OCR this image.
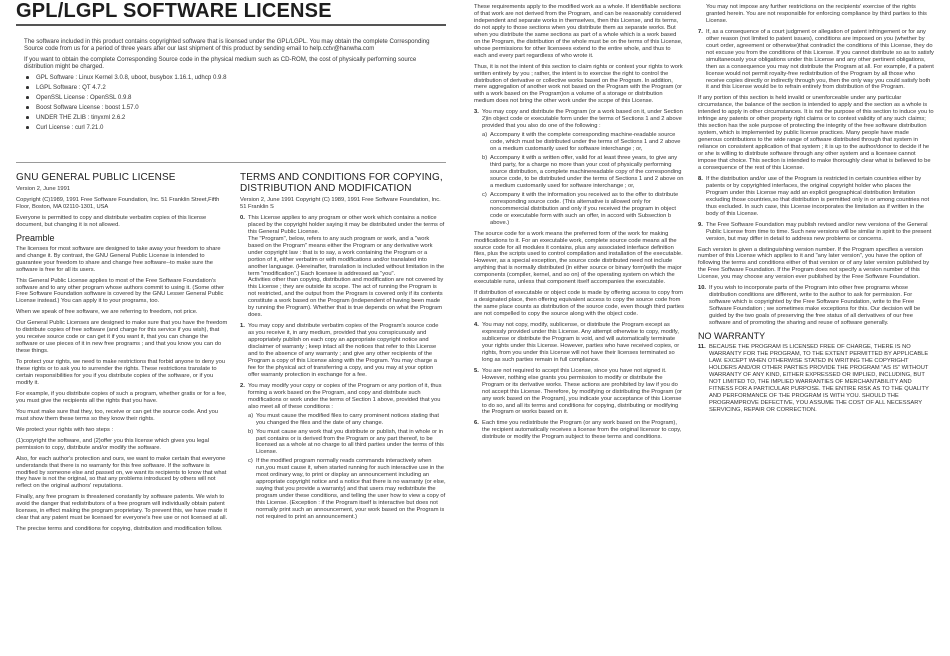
GPL/LGPL SOFTWARE LICENSE

The software included in this product contains copyrighted software that is licensed under the GPL/LGPL. You may obtain the complete Corresponding Source code from us for a period of three years after our last shipment of this product by sending email to help.cctv@hanwha.com

If you want to obtain the complete Corresponding Source code in the physical medium such as CD-ROM, the cost of physically performing source distribution might be charged.

GPL Software : Linux Kernel 3.0.8, uboot, busybox 1.16.1, udhcp 0.9.8
LGPL Software : QT 4.7.2
OpenSSL License : OpenSSL 0.9.8
Boost Software License : boost 1.57.0
UNDER THE ZLIB : tinyxml 2.6.2
Curl License : curl 7.21.0
GNU GENERAL PUBLIC LICENSE
Version 2, June 1991
Copyright (C)1989, 1991 Free Software Foundation, Inc. 51 Franklin Street,Fifth Floor, Boston, MA 02110-1301, USA

Everyone is permitted to copy and distribute verbatim copies of this license document, but changing it is not allowed.

Preamble

The licenses for most software are designed to take away your freedom to share and change it. By contrast, the GNU General Public License is intended to guarantee your freedom to share and change free software--to make sure the software is free for all its users.

This General Public License applies to most of the Free Software Foundation's software and to any other program whose authors commit to using it. (Some other Free Software Foundation software is covered by the GNU Lesser General Public License instead.) You can apply it to your programs, too.

When we speak of free software, we are referring to freedom, not price.

Our General Public Licenses are designed to make sure that you have the freedom to distribute copies of free software (and charge for this service if you wish), that you receive source code or can get it if you want it, that you can change the software or use pieces of it in new free programs ; and that you know you can do these things.

To protect your rights, we need to make restrictions that forbid anyone to deny you these rights or to ask you to surrender the rights. These restrictions translate to certain responsibilities for you if you distribute copies of the software, or if you modify it.

For example, if you distribute copies of such a program, whether gratis or for a fee, you must give the recipients all the rights that you have.

You must make sure that they, too, receive or can get the source code. And you must show them these terms so they know their rights.

We protect your rights with two steps :

(1)copyright the software, and (2)offer you this license which gives you legal permission to copy, distribute and/or modify the software.

Also, for each author's protection and ours, we want to make certain that everyone understands that there is no warranty for this free software. If the software is modified by someone else and passed on, we want its recipients to know that what they have is not the original, so that any problems introduced by others will not reflect on the original authors' reputations.

Finally, any free program is threatened constantly by software patents. We wish to avoid the danger that redistributors of a free program will individually obtain patent licenses, in effect making the program proprietary. To prevent this, we have made it clear that any patent must be licensed for everyone's free use or not licensed at all.

The precise terms and conditions for copying, distribution and modification follow.

TERMS AND CONDITIONS FOR COPYING, DISTRIBUTION AND MODIFICATION

Version 2, June 1991 Copyright (C) 1989, 1991 Free Software Foundation, Inc. 51 Franklin S

0. This License applies to any program or other work which contains a notice placed by the copyright holder saying it may be distributed under the terms of this General Public License.
The "Program", below, refers to any such program or work, and a "work based on the Program" means either the Program or any derivative work under copyright law : that is to say, a work containing the Program or a portion of it, either verbatim or with modifications and/or translated into another language. (Hereinafter, translation is included without limitation in the term "modification".) Each licensee is addressed as "you".
Activities other than copying, distribution and modification are not covered by this License ; they are outside its scope. The act of running the Program is not restricted, and the output from the Program is covered only if its contents constitute a work based on the Program (independent of having been made by running the Program). Whether that is true depends on what the Program does.
1. You may copy and distribute verbatim copies of the Program's source code as you receive it, in any medium, provided that you conspicuously and appropriately publish on each copy an appropriate copyright notice and disclaimer of warranty ; keep intact all the notices that refer to this License and to the absence of any warranty ; and give any other recipients of the Program a copy of this License along with the Program. You may charge a fee for the physical act of transferring a copy, and you may at your option offer warranty protection in exchange for a fee.
2. You may modify your copy or copies of the Program or any portion of it, thus forming a work based on the Program, and copy and distribute such modifications or work under the terms of Section 1 above, provided that you also meet all of these conditions :
a) You must cause the modified files to carry prominent notices stating that you changed the files and the date of any change.
b) You must cause any work that you distribute or publish, that in whole or in part contains or is derived from the Program or any part thereof, to be licensed as a whole at no charge to all third parties under the terms of this License.
c) If the modified program normally reads commands interactively when run,you must cause it, when started running for such interactive use in the most ordinary way, to print or display an announcement including an appropriate copyright notice and a notice that there is no warranty (or else, saying that you provide a warranty) and that users may redistribute the program under these conditions, and telling the user how to view a copy of this License. (Exception : if the Program itself is interactive but does not normally print such an announcement, your work based on the Program is not required to print an announcement.)

These requirements apply to the modified work as a whole. If identifiable sections of that work are not derived from the Program, and can be reasonably considered independent and separate works in themselves, then this License, and its terms, do not apply to those sections when you distribute them as separate works. But when you distribute the same sections as part of a whole which is a work based on the Program, the distribution of the whole must be on the terms of this License, whose permissions for other licensees extend to the entire whole, and thus to each and every part regardless of who wrote it.

Thus, it is not the intent of this section to claim rights or contest your rights to work written entirely by you ; rather, the intent is to exercise the right to control the distribution of derivative or collective works based on the Program. In addition, mere aggregation of another work not based on the Program with the Program (or with a work based on the Program)on a volume of a storage or distribution medium does not bring the other work under the scope of this License.

3. You may copy and distribute the Program (or a work based on it, under Section 2)in object code or executable form under the terms of Sections 1 and 2 above provided that you also do one of the following :
a) Accompany it with the complete corresponding machine-readable source code, which must be distributed under the terms of Sections 1 and 2 above on a medium customarily used for software interchange ; or,
b) Accompany it with a written offer, valid for at least three years, to give any third party, for a charge no more than your cost of physically performing source distribution, a complete machinereadable copy of the corresponding source code, to be distributed under the terms of Sections 1 and 2 above on a medium customarily used for software interchange ; or,
c) Accompany it with the information you received as to the offer to distribute corresponding source code. (This alternative is allowed only for noncommercial distribution and only if you received the program in object code or executable form with such an offer, in accord with Subsection b above.)

The source code for a work means the preferred form of the work for making modifications to it. For an executable work, complete source code means all the source code for all modules it contains, plus any associated interface definition files, plus the scripts used to control compilation and installation of the executable. However, as a special exception, the source code distributed need not include anything that is normally distributed (in either source or binary form)with the major components (compiler, kernel, and so on) of the operating system on which the executable runs, unless that component itself accompanies the executable.

If distribution of executable or object code is made by offering access to copy from a designated place, then offering equivalent access to copy the source code from the same place counts as distribution of the source code, even though third parties are not compelled to copy the source along with the object code.

4. You may not copy, modify, sublicense, or distribute the Program except as expressly provided under this License. Any attempt otherwise to copy, modify, sublicense or distribute the Program is void, and will automatically terminate your rights under this License. However, parties who have received copies, or rights, from you under this License will not have their licenses terminated so long as such parties remain in full compliance.
5. You are not required to accept this License, since you have not signed it. However, nothing else grants you permission to modify or distribute the Program or its derivative works. These actions are prohibited by law if you do not accept this License. Therefore, by modifying or distributing the Program (or any work based on the Program), you indicate your acceptance of this License to do so, and all its terms and conditions for copying, distributing or modifying the Program or works based on it.
6. Each time you redistribute the Program (or any work based on the Program), the recipient automatically receives a license from the original licensor to copy, distribute or modify the Program subject to these terms and conditions.

You may not impose any further restrictions on the recipients' exercise of the rights granted herein. You are not responsible for enforcing compliance by third parties to this License.

7. If, as a consequence of a court judgment or allegation of patent infringement or for any other reason (not limited to patent issues), conditions are imposed on you (whether by court order, agreement or otherwise)that contradict the conditions of this License, they do not excuse you from the conditions of this License. If you cannot distribute so as to satisfy simultaneously your obligations under this License and any other pertinent obligations, then as a consequence you may not distribute the Program at all. For example, if a patent license would not permit royalty-free redistribution of the Program by all those who receive copies directly or indirectly through you, then the only way you could satisfy both it and this License would be to refrain entirely from distribution of the Program.

If any portion of this section is held invalid or unenforceable under any particular circumstance, the balance of the section is intended to apply and the section as a whole is intended to apply in other circumstances. It is not the purpose of this section to induce you to infringe any patents or other property right claims or to contest validity of any such claims; this section has the sole purpose of protecting the integrity of the free software distribution system, which is implemented by public license practices. Many people have made generous contributions to the wide range of software distributed through that system in reliance on consistent application of that system ; it is up to the author/donor to decide if he or she is willing to distribute software through any other system and a licensee cannot impose that choice. This section is intended to make thoroughly clear what is believed to be a consequence of the rest of this License.

8. If the distribution and/or use of the Program is restricted in certain countries either by patents or by copyrighted interfaces, the original copyright holder who places the Program under this License may add an explicit geographical distribution limitation excluding those countries,so that distribution is permitted only in or among countries not thus excluded. In such case, this License incorporates the limitation as if written in the body of this License.
9. The Free Software Foundation may publish revised and/or new versions of the General Public License from time to time. Such new versions will be similar in spirit to the present version, but may differ in detail to address new problems or concerns.

Each version is given a distinguishing version number. If the Program specifies a version number of this License which applies to it and "any later version", you have the option of following the terms and conditions either of that version or of any later version published by the Free Software Foundation. If the Program does not specify a version number of this License, you may choose any version ever published by the Free Software Foundation.

10. If you wish to incorporate parts of the Program into other free programs whose distribution conditions are different, write to the author to ask for permission. For software which is copyrighted by the Free Software Foundation, write to the Free Software Foundation ; we sometimes make exceptions for this. Our decision will be guided by the two goals of preserving the free status of all derivatives of our free software and of promoting the sharing and reuse of software generally.
NO WARRANTY
11. BECAUSE THE PROGRAM IS LICENSED FREE OF CHARGE, THERE IS NO WARRANTY FOR THE PROGRAM, TO THE EXTENT PERMITTED BY APPLICABLE LAW. EXCEPT WHEN OTHERWISE STATED IN WRITING THE COPYRIGHT HOLDERS AND/OR OTHER PARTIES PROVIDE THE PROGRAM "AS IS" WITHOUT WARRANTY OF ANY KIND, EITHER EXPRESSED OR IMPLIED, INCLUDING, BUT NOT LIMITED TO, THE IMPLIED WARRANTIES OF MERCHANTABILITY AND FITNESS FOR A PARTICULAR PURPOSE. THE ENTIRE RISK AS TO THE QUALITY AND PERFORMANCE OF THE PROGRAM IS WITH YOU. SHOULD THE PROGRAMPROVE DEFECTIVE, YOU ASSUME THE COST OF ALL NECESSARY SERVICING, REPAIR OR CORRECTION.
